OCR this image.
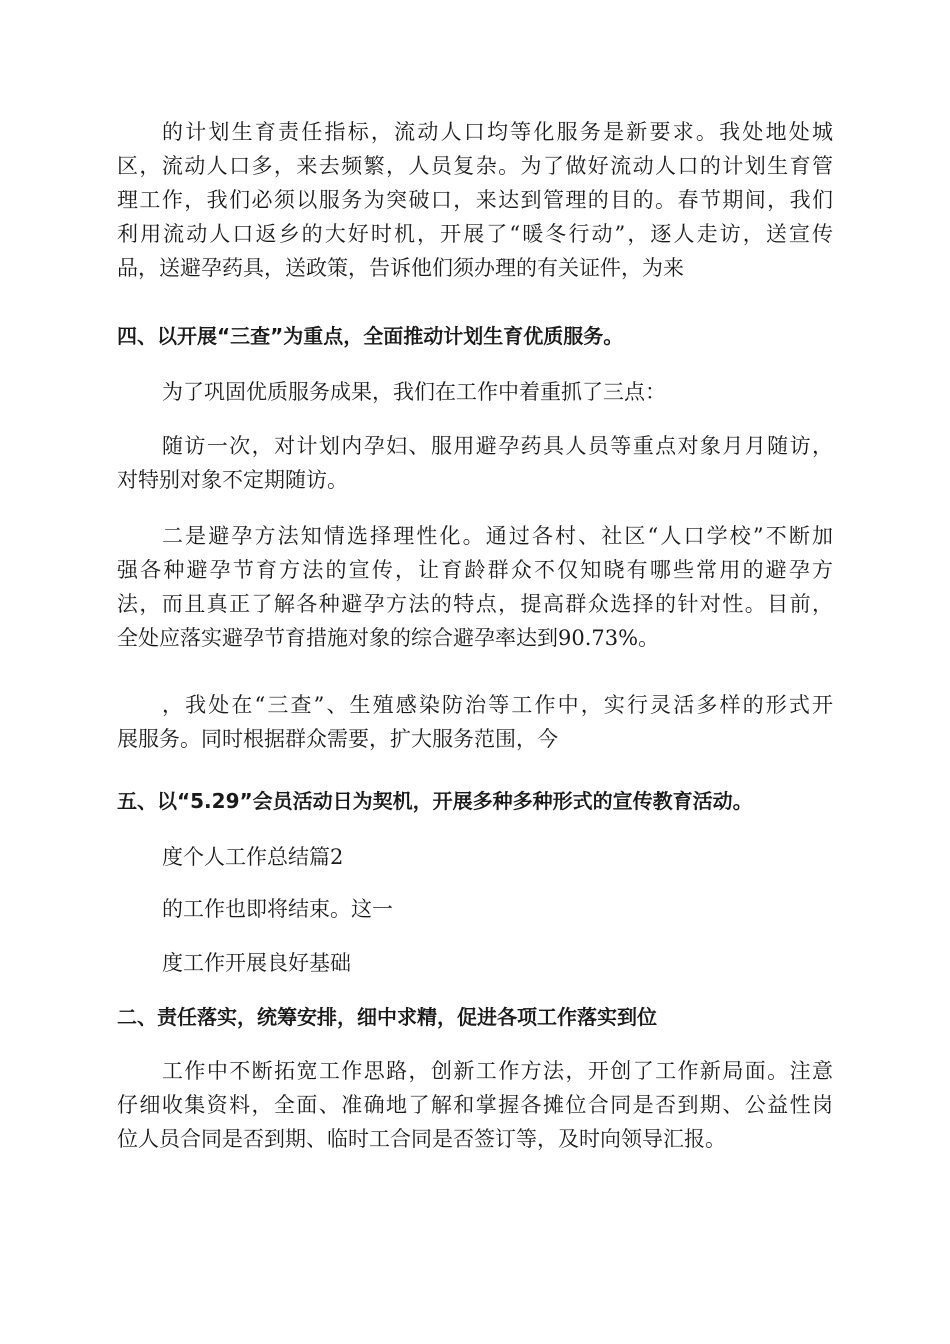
的计划生育责任指标，流动人口均等化服务是新要求。我处地处城
区，流动人口多，来去频繁，人员复杂。为了做好流动人口的计划生育管
理工作，我们必须以服务为突破口，来达到管理的目的。春节期间，我们
利用流动人口返乡的大好时机，开展了“暖冬行动”，逐人走访，送宣传
品，送避孕药具，送政策，告诉他们须办理的有关证件，为来
四、以开展“三查”为重点，全面推动计划生育优质服务。
为了巩固优质服务成果，我们在工作中着重抓了三点：
随访一次，对计划内孕妇、服用避孕药具人员等重点对象月月随访，
对特别对象不定期随访。
二是避孕方法知情选择理性化。通过各村、社区“人口学校”不断加
强各种避孕节育方法的宣传，让育龄群众不仅知晓有哪些常用的避孕方
法，而且真正了解各种避孕方法的特点，提高群众选择的针对性。目前，
全处应落实避孕节育措施对象的综合避孕率达到90.73%。
，我处在“三查”、生殖感染防治等工作中，实行灵活多样的形式开
展服务。同时根据群众需要，扩大服务范围，今
五、以“5.29”会员活动日为契机，开展多种多种形式的宣传教育活动。
度个人工作总结篇2
的工作也即将结束。这一
度工作开展良好基础
二、责任落实，统筹安排，细中求精，促进各项工作落实到位
工作中不断拓宽工作思路，创新工作方法，开创了工作新局面。注意
仔细收集资料，全面、准确地了解和掌握各摊位合同是否到期、公益性岗
位人员合同是否到期、临时工合同是否签订等，及时向领导汇报。
